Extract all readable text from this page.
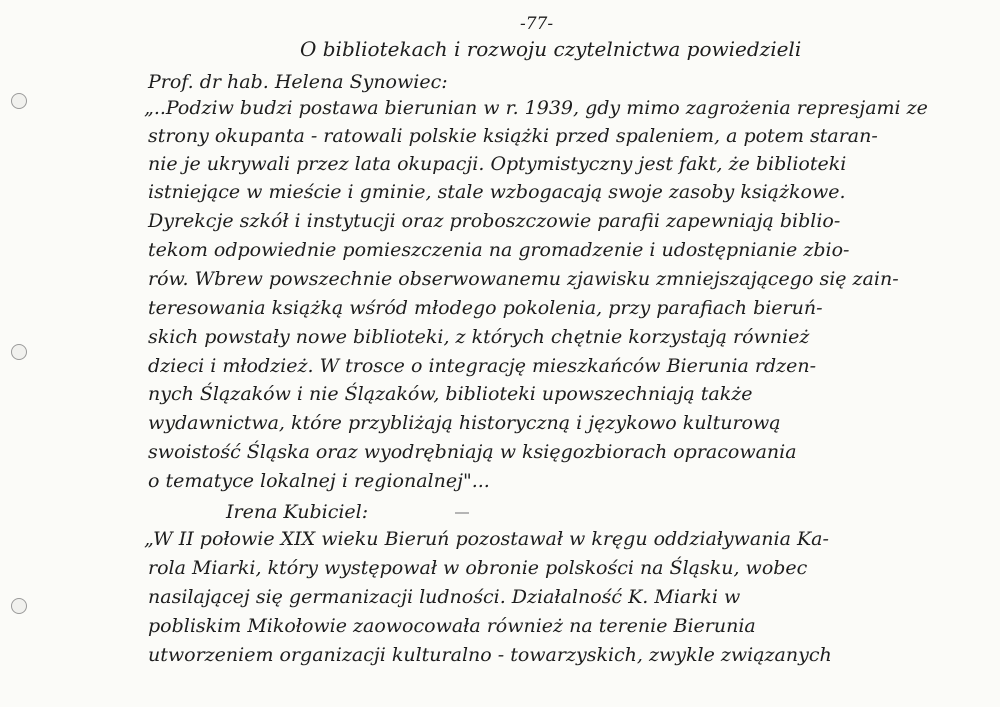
-77-
O bibliotekach i rozwoju czytelnictwa powiedzieli
Prof. dr hab. Helena Synowiec:
„..Podziw budzi postawa bierunian w r. 1939, gdy mimo zagrożenia represjami ze
strony okupanta - ratowali polskie książki przed spaleniem, a potem staran-
nie je ukrywali przez lata okupacji. Optymistyczny jest fakt, że biblioteki
istniejące w mieście i gminie, stale wzbogacają swoje zasoby książkowe.
Dyrekcje szkół i instytucji oraz proboszczowie parafii zapewniają biblio-
tekom odpowiednie pomieszczenia na gromadzenie i udostępnianie zbio-
rów. Wbrew powszechnie obserwowanemu zjawisku zmniejszającego się zain-
teresowania książką wśród młodego pokolenia, przy parafiach bieruń-
skich powstały nowe biblioteki, z których chętnie korzystają również
dzieci i młodzież. W trosce o integrację mieszkańców Bierunia rdzen-
nych Ślązaków i nie Ślązaków, biblioteki upowszechniają także
wydawnictwa, które przybliżają historyczną i językowo kulturową
swoistość Śląska oraz wyodrębniają w księgozbiorach opracowania
o tematyce lokalnej i regionalnej"...
Irena Kubiciel:
„W II połowie XIX wieku Bieruń pozostawał w kręgu oddziaływania Ka-
rola Miarki, który występował w obronie polskości na Śląsku, wobec
nasilającej się germanizacji ludności. Działalność K. Miarki w
pobliskim Mikołowie zaowocowała również na terenie Bierunia
utworzeniem organizacji kulturalno - towarzyskich, zwykle związanych
